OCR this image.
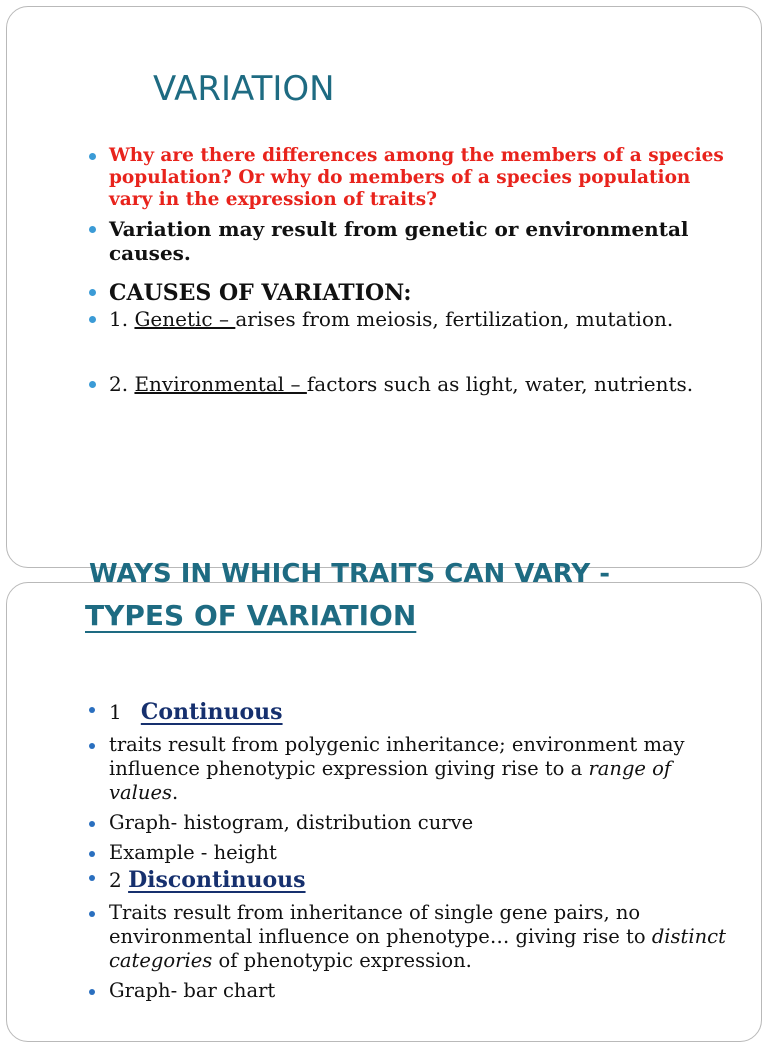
VARIATION
Why are there differences among the members of a species population? Or why do members of a species population vary in the expression of traits?
Variation may result from genetic or environmental causes.
CAUSES OF VARIATION:
1. Genetic – arises from meiosis, fertilization, mutation.
2. Environmental – factors such as light, water, nutrients.
WAYS IN WHICH TRAITS CAN VARY -
TYPES OF VARIATION
1 Continuous
traits result from polygenic inheritance; environment may influence phenotypic expression giving rise to a range of values.
Graph- histogram, distribution curve
Example - height
2 Discontinuous
Traits result from inheritance of single gene pairs, no environmental influence on phenotype… giving rise to distinct categories of phenotypic expression.
Graph- bar chart
